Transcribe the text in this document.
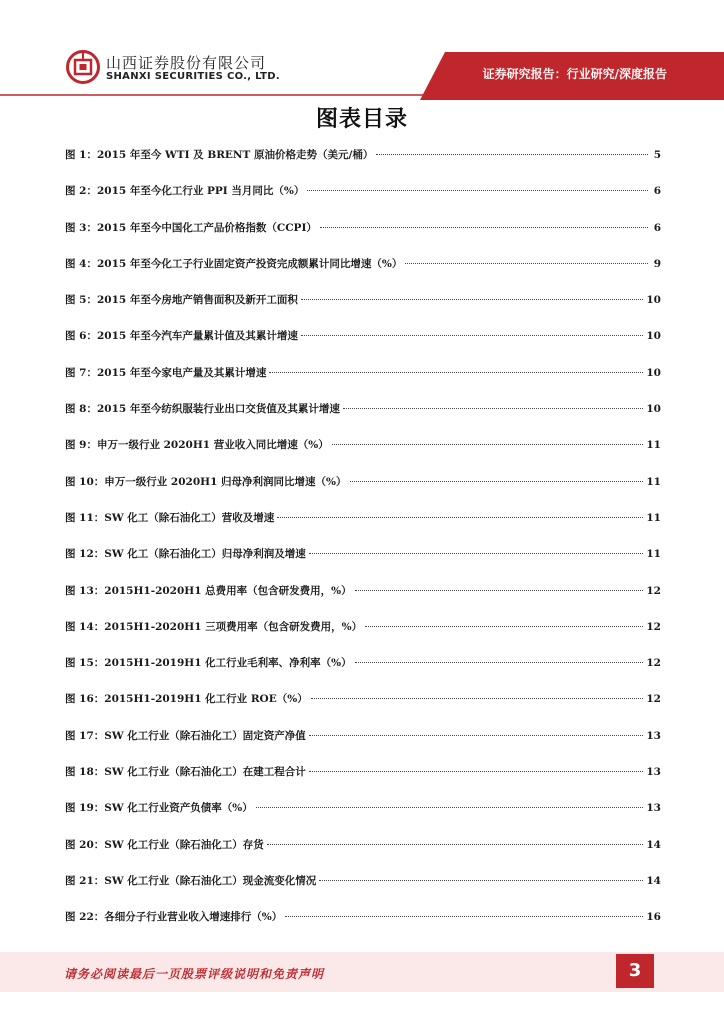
山西证券股份有限公司
SHANXI SECURITIES CO., LTD.	证券研究报告：行业研究/深度报告
图表目录
图 1：2015 年至今 WTI 及 BRENT 原油价格走势（美元/桶）	5
图 2：2015 年至今化工行业 PPI 当月同比（%）	6
图 3：2015 年至今中国化工产品价格指数（CCPI）	6
图 4：2015 年至今化工子行业固定资产投资完成额累计同比增速（%）	9
图 5：2015 年至今房地产销售面积及新开工面积	10
图 6：2015 年至今汽车产量累计值及其累计增速	10
图 7：2015 年至今家电产量及其累计增速	10
图 8：2015 年至今纺织服装行业出口交货值及其累计增速	10
图 9：申万一级行业 2020H1 营业收入同比增速（%）	11
图 10：申万一级行业 2020H1 归母净利润同比增速（%）	11
图 11：SW 化工（除石油化工）营收及增速	11
图 12：SW 化工（除石油化工）归母净利润及增速	11
图 13：2015H1-2020H1 总费用率（包含研发费用，%）	12
图 14：2015H1-2020H1 三项费用率（包含研发费用，%）	12
图 15：2015H1-2019H1 化工行业毛利率、净利率（%）	12
图 16：2015H1-2019H1 化工行业 ROE（%）	12
图 17：SW 化工行业（除石油化工）固定资产净值	13
图 18：SW 化工行业（除石油化工）在建工程合计	13
图 19：SW 化工行业资产负债率（%）	13
图 20：SW 化工行业（除石油化工）存货	14
图 21：SW 化工行业（除石油化工）现金流变化情况	14
图 22：各细分子行业营业收入增速排行（%）	16
请务必阅读最后一页股票评级说明和免责声明	3
